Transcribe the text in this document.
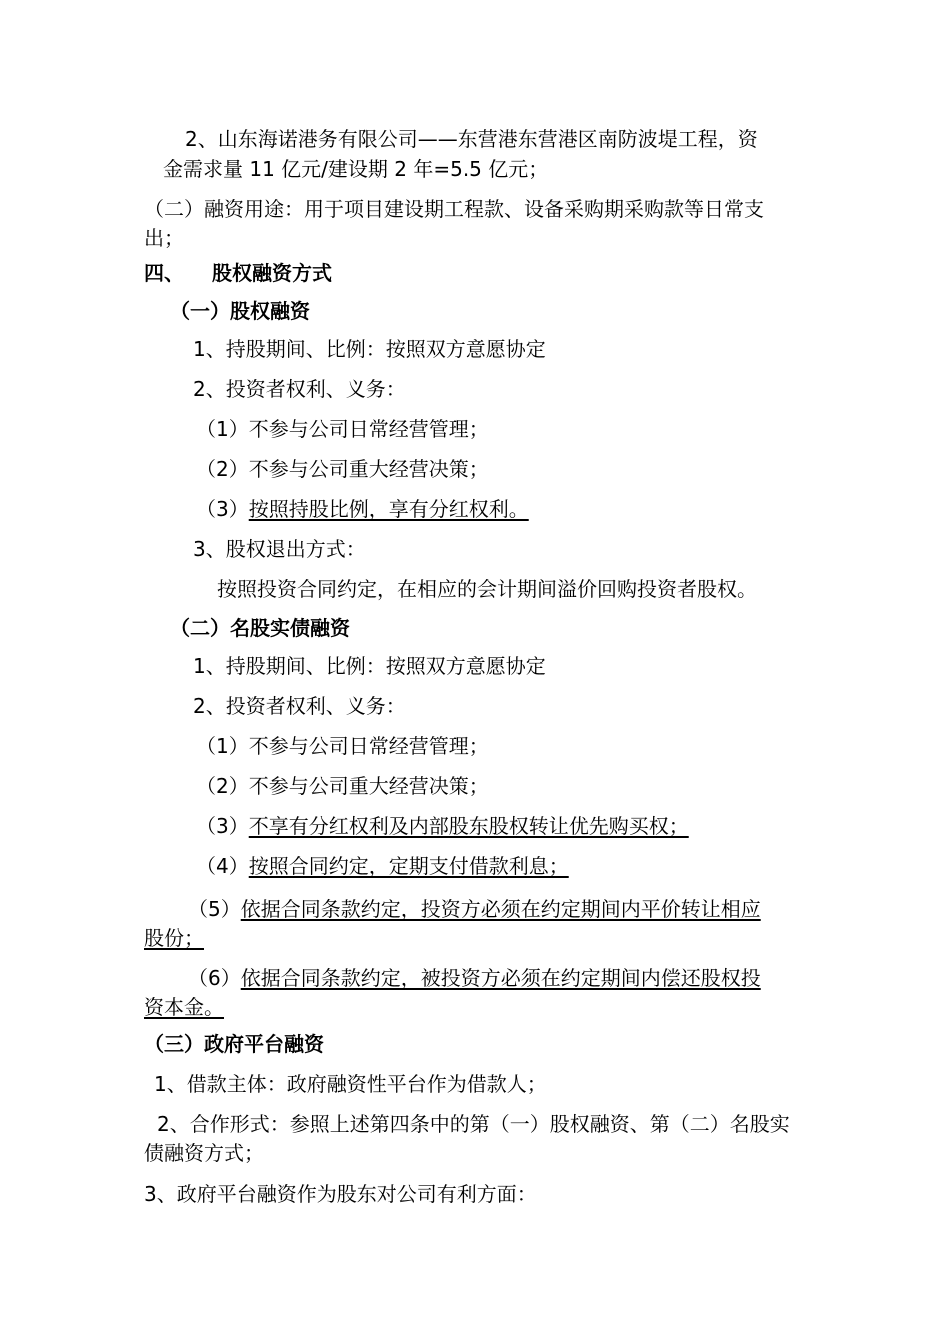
2、山东海诺港务有限公司——东营港东营港区南防波堤工程，资
金需求量 11 亿元/建设期 2 年=5.5 亿元；
（二）融资用途：用于项目建设期工程款、设备采购期采购款等日常支
出；
四、 股权融资方式
（一）股权融资
1、持股期间、比例：按照双方意愿协定
2、投资者权利、义务：
（1）不参与公司日常经营管理；
（2）不参与公司重大经营决策；
（3）按照持股比例，享有分红权利。
3、股权退出方式：
按照投资合同约定，在相应的会计期间溢价回购投资者股权。
（二）名股实债融资
1、持股期间、比例：按照双方意愿协定
2、投资者权利、义务：
（1）不参与公司日常经营管理；
（2）不参与公司重大经营决策；
（3）不享有分红权利及内部股东股权转让优先购买权；
（4）按照合同约定，定期支付借款利息；
（5）依据合同条款约定，投资方必须在约定期间内平价转让相应
股份；
（6）依据合同条款约定，被投资方必须在约定期间内偿还股权投
资本金。
（三）政府平台融资
1、借款主体：政府融资性平台作为借款人；
2、合作形式：参照上述第四条中的第（一）股权融资、第（二）名股实
债融资方式；
3、政府平台融资作为股东对公司有利方面：
